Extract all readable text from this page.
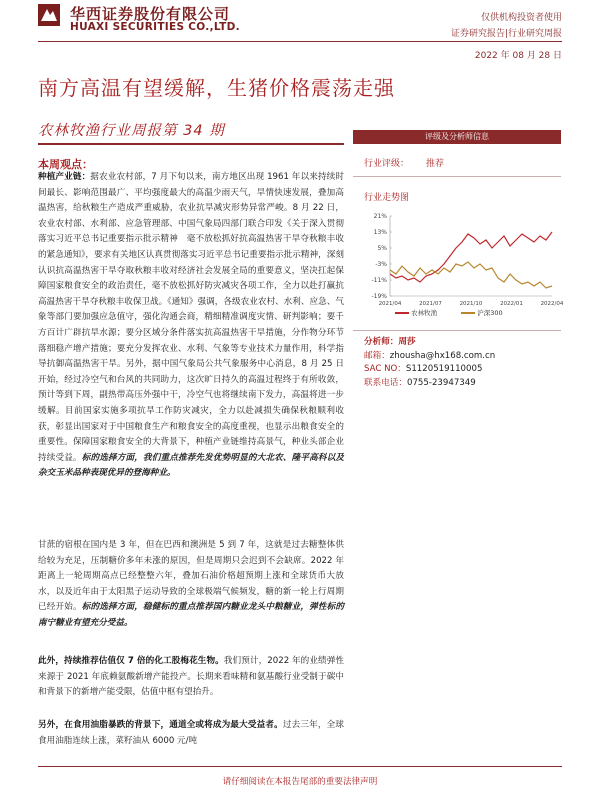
华西证券股份有限公司
HUAXI SECURITIES CO.,LTD.
仅供机构投资者使用
证券研究报告|行业研究周报
2022 年 08 月 28 日
南方高温有望缓解，生猪价格震荡走强
农林牧渔行业周报第 34 期
本周观点：
种植产业链：据农业农村部，7 月下旬以来，南方地区出现 1961 年以来持续时间最长、影响范围最广、平均强度最大的高温少雨天气，旱情快速发展，叠加高温热害，给秋粮生产造成严重威胁，农业抗旱减灾形势异常严峻。8 月 22 日，农业农村部、水利部、应急管理部、中国气象局四部门联合印发《关于深入贯彻落实习近平总书记重要指示批示精神　毫不放松抓好抗高温热害干旱夺秋粮丰收的紧急通知》，要求有关地区认真贯彻落实习近平总书记重要指示批示精神，深刻认识抗高温热害干旱夺取秋粮丰收对经济社会发展全局的重要意义，坚决扛起保障国家粮食安全的政治责任，毫不放松抓好防灾减灾各项工作，全力以赴打赢抗高温热害干旱夺秋粮丰收保卫战。《通知》强调，各级农业农村、水利、应急、气象等部门要加强应急值守，强化沟通会商，精细精准调度灾情、研判影响；要千方百计广辟抗旱水源；要分区域分条件落实抗高温热害干旱措施，分作物分环节落细稳产增产措施；要充分发挥农业、水利、气象等专业技术力量作用，科学指导抗御高温热害干旱。另外，据中国气象局公共气象服务中心消息，8 月 25 日开始，经过冷空气和台风的共同助力，这次旷日持久的高温过程终于有所收敛，预计等到下周，副热带高压外强中干，冷空气也将继续南下发力，高温将进一步缓解。目前国家实施多项抗旱工作防灾减灾，全力以赴减损失确保秋粮顺利收获，彰显出国家对于中国粮食生产和粮食安全的高度重视，也显示出粮食安全的重要性。保障国家粮食安全的大背景下，种植产业链维持高景气，种业头部企业持续受益。标的选择方面，我们重点推荐先发优势明显的大北农、隆平高科以及杂交玉米品种表现优异的登海种业。
甘蔗的宿根在国内是 3 年，但在巴西和澳洲是 5 到 7 年，这就是过去糖整体供给较为充足，压制糖价多年未涨的原因，但是周期只会迟到不会缺席。2022 年距离上一轮周期高点已经整整六年，叠加石油价格超预期上涨和全球货币大放水，以及近年由于太阳黑子运动导致的全球极端气候频发，糖的新一轮上行周期已经开始。标的选择方面，稳健标的重点推荐国内糖业龙头中粮糖业，弹性标的南宁糖业有望充分受益。
此外，持续推荐估值仅 7 倍的化工股梅花生物。我们预计，2022 年的业绩弹性来源于 2021 年底赖氨酸新增产能投产。长期来看味精和氨基酸行业受制于碳中和背景下的新增产能受限，估值中枢有望抬升。
另外，在食用油脂暴跌的背景下，通道全或将成为最大受益者。过去三年，全球食用油脂连续上涨，菜籽油从 6000 元/吨
评级及分析师信息
行业评级： 推荐
行业走势图
21%
13%
5%
-3%
-11%
-19%
2021/04	2021/07	2021/10	2022/01	2022/04
农林牧渔	沪深300
分析师：周莎
邮箱：zhousha@hx168.com.cn
SAC NO：S1120519110005
联系电话：0755-23947349
请仔细阅读在本报告尾部的重要法律声明
